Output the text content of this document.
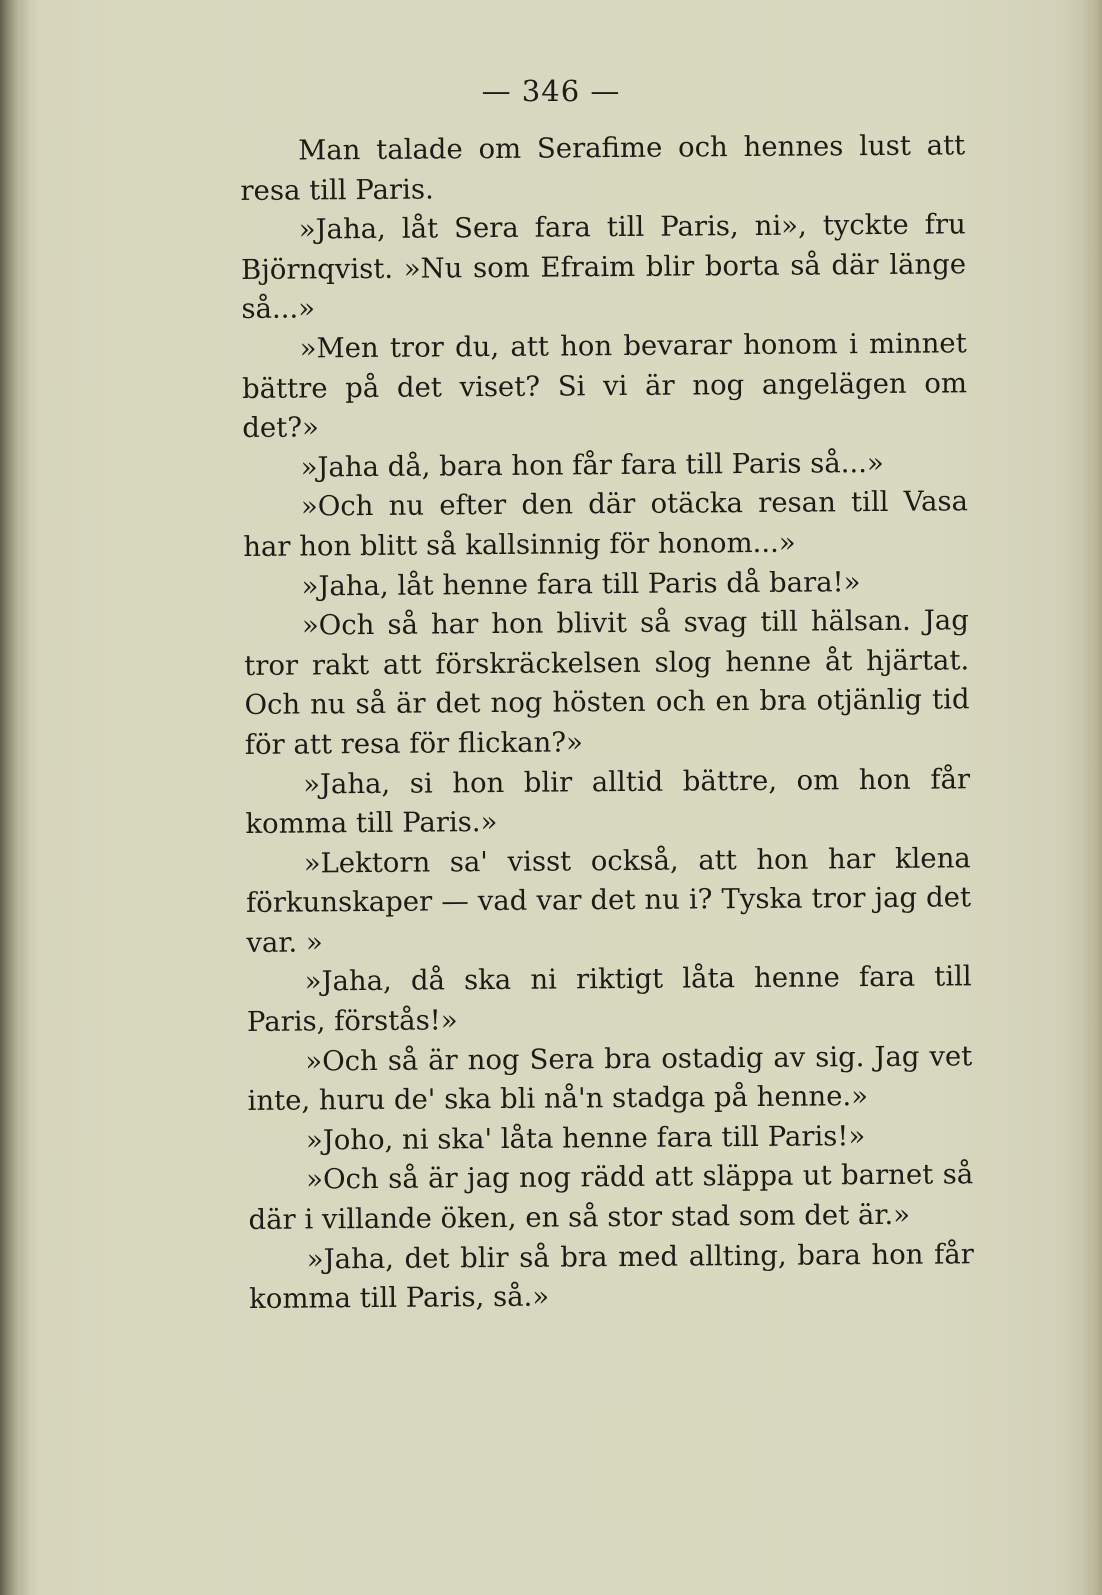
— 346 —

Man talade om Serafime och hennes lust att resa till Paris.

»Jaha, låt Sera fara till Paris, ni», tyckte fru Björnqvist. »Nu som Efraim blir borta så där länge så...»

»Men tror du, att hon bevarar honom i minnet bättre på det viset? Si vi är nog angelägen om det?»

»Jaha då, bara hon får fara till Paris så...»

»Och nu efter den där otäcka resan till Vasa har hon blitt så kallsinnig för honom...»

»Jaha, låt henne fara till Paris då bara!»

»Och så har hon blivit så svag till hälsan. Jag tror rakt att förskräckelsen slog henne åt hjärtat. Och nu så är det nog hösten och en bra otjänlig tid för att resa för flickan?»

»Jaha, si hon blir alltid bättre, om hon får komma till Paris.»

»Lektorn sa' visst också, att hon har klena förkunskaper — vad var det nu i? Tyska tror jag det var. »

»Jaha, då ska ni riktigt låta henne fara till Paris, förstås!»

»Och så är nog Sera bra ostadig av sig. Jag vet inte, huru de' ska bli nå'n stadga på henne.»

»Joho, ni ska' låta henne fara till Paris!»

»Och så är jag nog rädd att släppa ut barnet så där i villande öken, en så stor stad som det är.»

»Jaha, det blir så bra med allting, bara hon får komma till Paris, så.»
